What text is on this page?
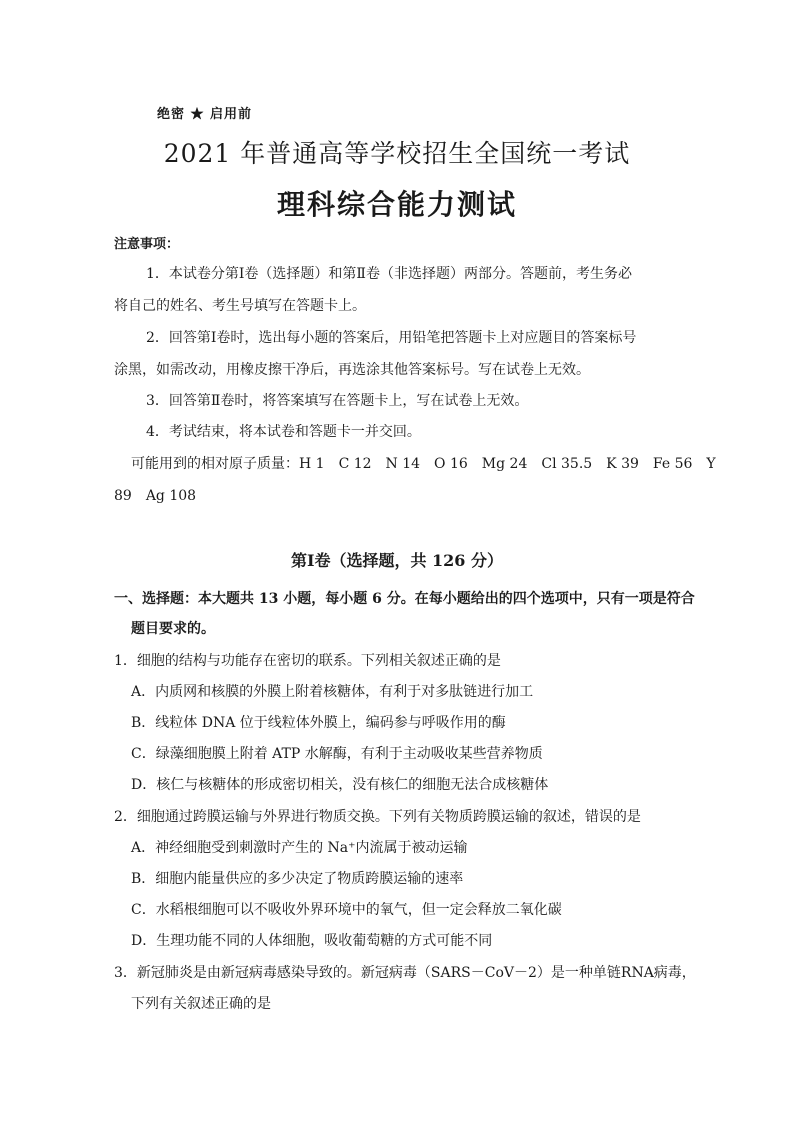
绝密 ★ 启用前
2021 年普通高等学校招生全国统一考试
理科综合能力测试
注意事项：
1．本试卷分第Ⅰ卷（选择题）和第Ⅱ卷（非选择题）两部分。答题前，考生务必
将自己的姓名、考生号填写在答题卡上。
2．回答第Ⅰ卷时，选出每小题的答案后，用铅笔把答题卡上对应题目的答案标号
涂黑，如需改动，用橡皮擦干净后，再选涂其他答案标号。写在试卷上无效。
3．回答第Ⅱ卷时，将答案填写在答题卡上，写在试卷上无效。
4．考试结束，将本试卷和答题卡一并交回。
可能用到的相对原子质量：H 1　C 12　N 14　O 16　Mg 24　Cl 35.5　K 39　Fe 56　Y
89　Ag 108
第Ⅰ卷（选择题，共 126 分）
一、选择题：本大题共 13 小题，每小题 6 分。在每小题给出的四个选项中，只有一项是符合
题目要求的。
1．细胞的结构与功能存在密切的联系。下列相关叙述正确的是
A．内质网和核膜的外膜上附着核糖体，有利于对多肽链进行加工
B．线粒体 DNA 位于线粒体外膜上，编码参与呼吸作用的酶
C．绿藻细胞膜上附着 ATP 水解酶，有利于主动吸收某些营养物质
D．核仁与核糖体的形成密切相关，没有核仁的细胞无法合成核糖体
2．细胞通过跨膜运输与外界进行物质交换。下列有关物质跨膜运输的叙述，错误的是
A．神经细胞受到刺激时产生的 Na⁺内流属于被动运输
B．细胞内能量供应的多少决定了物质跨膜运输的速率
C．水稻根细胞可以不吸收外界环境中的氧气，但一定会释放二氧化碳
D．生理功能不同的人体细胞，吸收葡萄糖的方式可能不同
3．新冠肺炎是由新冠病毒感染导致的。新冠病毒（SARS－CoV－2）是一种单链RNA病毒，
下列有关叙述正确的是
